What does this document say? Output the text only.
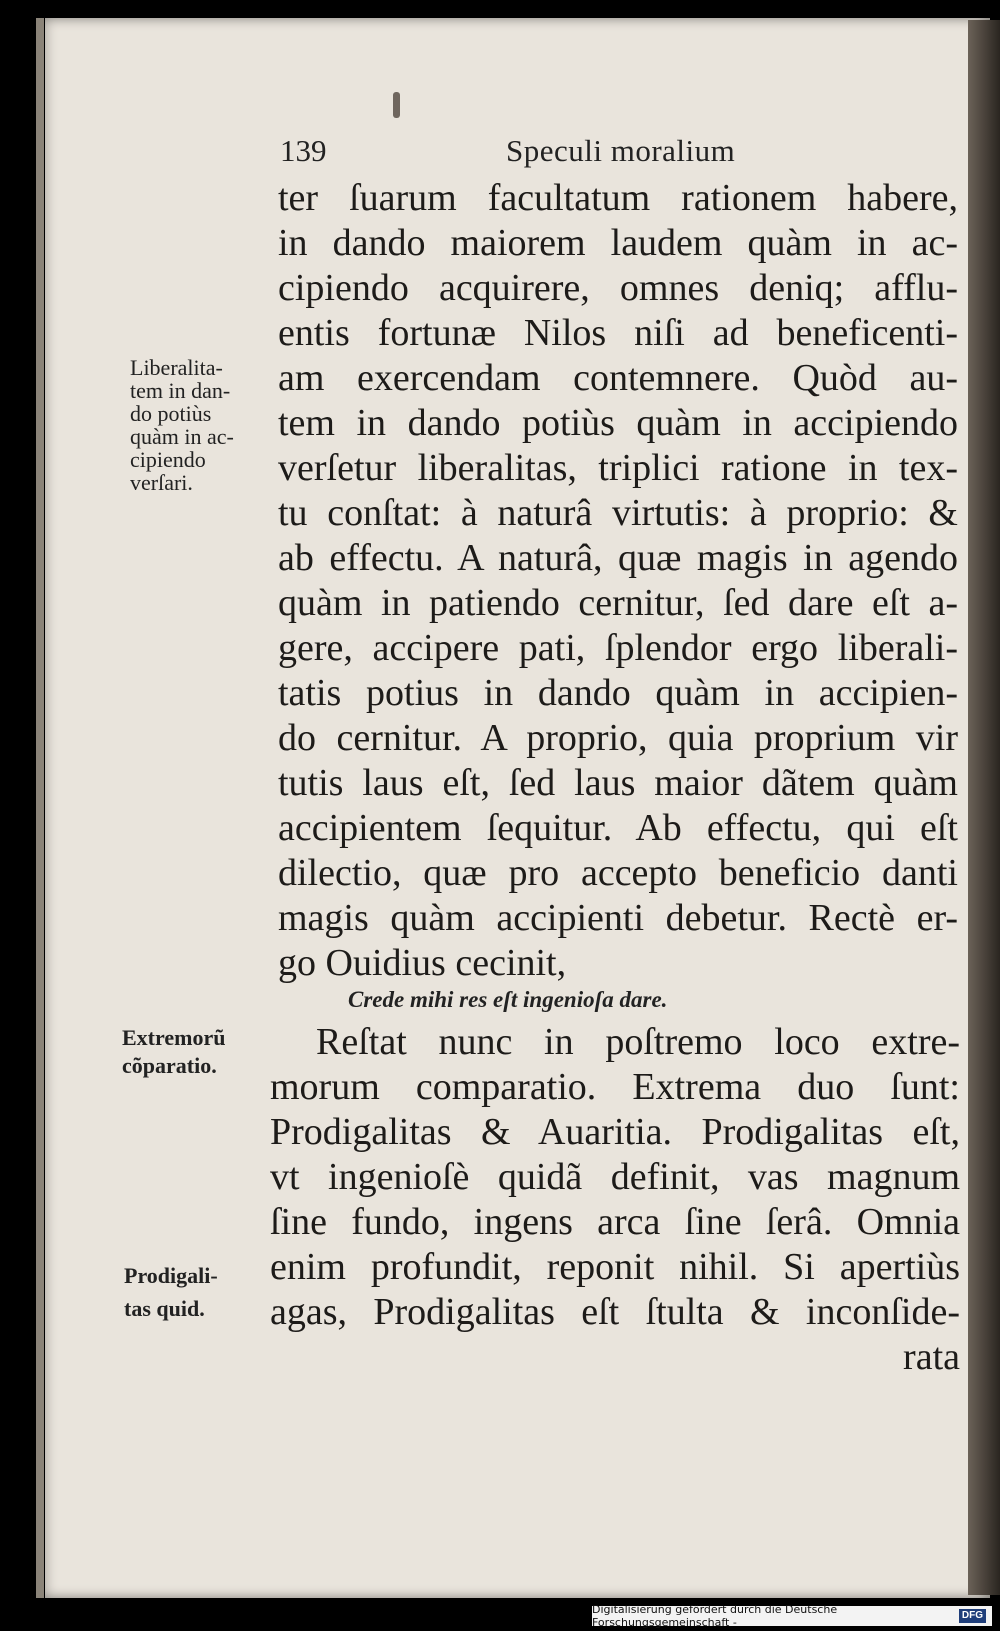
139	Speculi moralium
ter ſuarum facultatum rationem habere,
in dando maiorem laudem quàm in ac-
cipiendo acquirere, omnes deniq; afflu-
entis fortunæ Nilos niſi ad beneficenti-
am exercendam contemnere. Quòd au-
tem in dando potiùs quàm in accipiendo
verſetur liberalitas, triplici ratione in tex-
tu conſtat: à naturâ virtutis: à proprio: &
ab effectu. A naturâ, quæ magis in agendo
quàm in patiendo cernitur, ſed dare eſt a-
gere, accipere pati, ſplendor ergo liberali-
tatis potius in dando quàm in accipien-
do cernitur. A proprio, quia proprium vir
tutis laus eſt, ſed laus maior dãtem quàm
accipientem ſequitur. Ab effectu, qui eſt
dilectio, quæ pro accepto beneficio danti
magis quàm accipienti debetur. Rectè er-
go Ouidius cecinit,
Crede mihi res eſt ingenioſa dare.
Reſtat nunc in poſtremo loco extre-
morum comparatio. Extrema duo ſunt:
Prodigalitas & Auaritia. Prodigalitas eſt,
vt ingenioſè quidã definit, vas magnum
ſine fundo, ingens arca ſine ſerâ. Omnia
enim profundit, reponit nihil. Si apertiùs
agas, Prodigalitas eſt ſtulta & inconſide-
rata
Liberalita-
tem in dan-
do potiùs
quàm in ac-
cipiendo
verſari.
Extremorũ
cõparatio.
Prodigali-
tas quid.
Digitalisierung gefördert durch die Deutsche Forschungsgemeinschaft -
DFG
